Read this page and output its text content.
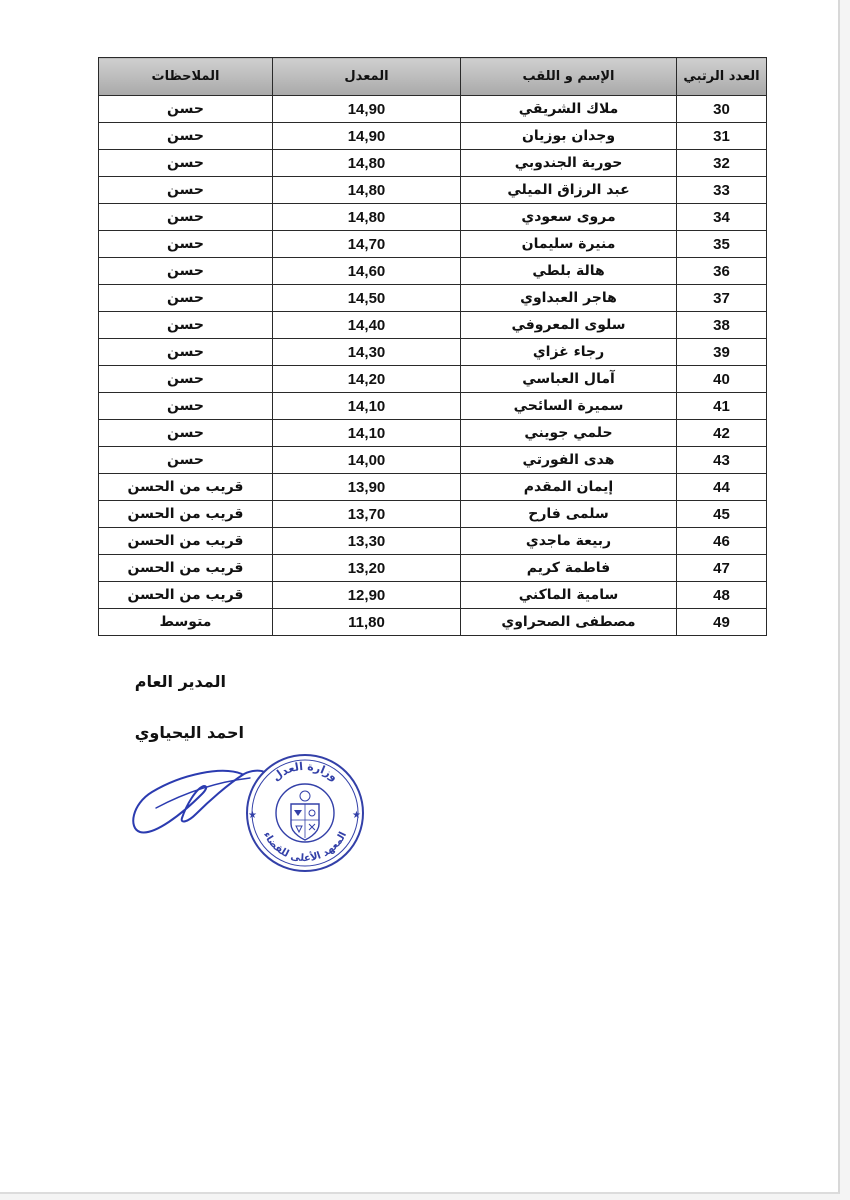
العدد الرتبي	الإسم و اللقب	المعدل	الملاحظات
30	ملاك الشريقي	14,90	حسن
31	وجدان بوزيان	14,90	حسن
32	حورية الجندوبي	14,80	حسن
33	عبد الرزاق الميلي	14,80	حسن
34	مروى سعودي	14,80	حسن
35	منيرة سليمان	14,70	حسن
36	هالة بلطي	14,60	حسن
37	هاجر العبداوي	14,50	حسن
38	سلوى المعروفي	14,40	حسن
39	رجاء غزاي	14,30	حسن
40	آمال العباسي	14,20	حسن
41	سميرة السائحي	14,10	حسن
42	حلمي جويني	14,10	حسن
43	هدى الفورتي	14,00	حسن
44	إيمان المقدم	13,90	قريب من الحسن
45	سلمى فارح	13,70	قريب من الحسن
46	ربيعة ماجدي	13,30	قريب من الحسن
47	فاطمة كريم	13,20	قريب من الحسن
48	سامية الماكني	12,90	قريب من الحسن
49	مصطفى الصحراوي	11,80	متوسط

المدير العام

احمد اليحياوي

وزارة العدل
المعهد الأعلى للقضاء
★	★
